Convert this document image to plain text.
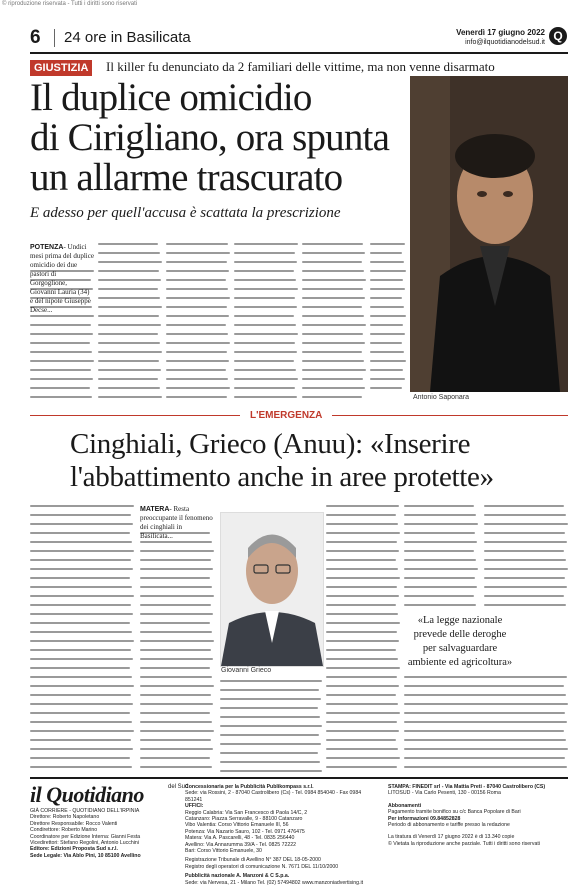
© riproduzione riservata - Tutti i diritti sono riservati
6 24 ore in Basilicata	Venerdì 17 giugno 2022
info@ilquotidianodelsud.it Q
GIUSTIZIA	Il killer fu denunciato da 2 familiari delle vittime, ma non venne disarmato
Il duplice omicidio
di Cirigliano, ora spunta
un allarme trascurato
E adesso per quell'accusa è scattata la prescrizione
POTENZA- Undici mesi prima del duplice omicidio dei due pastori di Gorgoglione, Giovanni Lauria (34) e del nipote Giuseppe Decse...
Antonio Saponara
L'EMERGENZA
Cinghiali, Grieco (Anuu): «Inserire
l'abbattimento anche in aree protette»
MATERA- Resta preoccupante il fenomeno dei cinghiali in Basilicata...
Giovanni Grieco
«La legge nazionale
prevede delle deroghe
per salvaguardare
ambiente ed agricoltura»
il Quotidiano	del Sud
GIÀ CORRIERE - QUOTIDIANO DELL'IRPINIA
Direttore: Roberto Napoletano
Direttore Responsabile: Rocco Valenti
Condirettore: Roberto Marino
Coordinatore per Edizione Interna: Gianni Festa
Vicedirettori: Stefano Regolini, Antonio Lucchini
Editore: Edizioni Proposta Sud s.r.l.
Sede Legale: Via Ablo Pini, 10 85100 Avellino
Concessionaria per la Pubblicità Publikompass s.r.l.
Sede: via Rossini, 2 - 87040 Castrolibero (Cs) - Tel. 0984 854040 - Fax 0984 851241
UFFICI:
Reggio Calabria: Via San Francesco di Paola 14/C, 2
Catanzaro: Piazza Serravalle, 9 - 88100 Catanzaro
Vibo Valentia: Corso Vittorio Emanuele III, 56
Potenza: Via Nazario Sauro, 102 - Tel. 0971 476475
Matera: Via A. Pascarelli, 48 - Tel. 0835 256440
Avellino: Via Annarumma 39/A - Tel. 0825 72222
Bari: Corso Vittorio Emanuele, 30
Registrazione Tribunale di Avellino N° 387 DEL 18-05-2000
Registro degli operatori di comunicazione N. 7671 DEL 11/10/2000
Pubblicità nazionale A. Manzoni & C S.p.a.
Sede: via Nervesa, 21 - Milano Tel. (02) 57494802 www.manzoniadvertising.it
STAMPA: FINEDIT srl - Via Mattia Preti - 87040 Castrolibero (CS)
LITOSUD - Via Carlo Pesenti, 130 - 00156 Roma
Abbonamenti
Pagamento tramite bonifico su c/c Banca Popolare di Bari
Per informazioni 09.84852828
Periodo di abbonamento e tariffe presso la redazione
La tiratura di Venerdì 17 giugno 2022 è di 13.340 copie
© Vietata la riproduzione anche parziale. Tutti i diritti sono riservati
